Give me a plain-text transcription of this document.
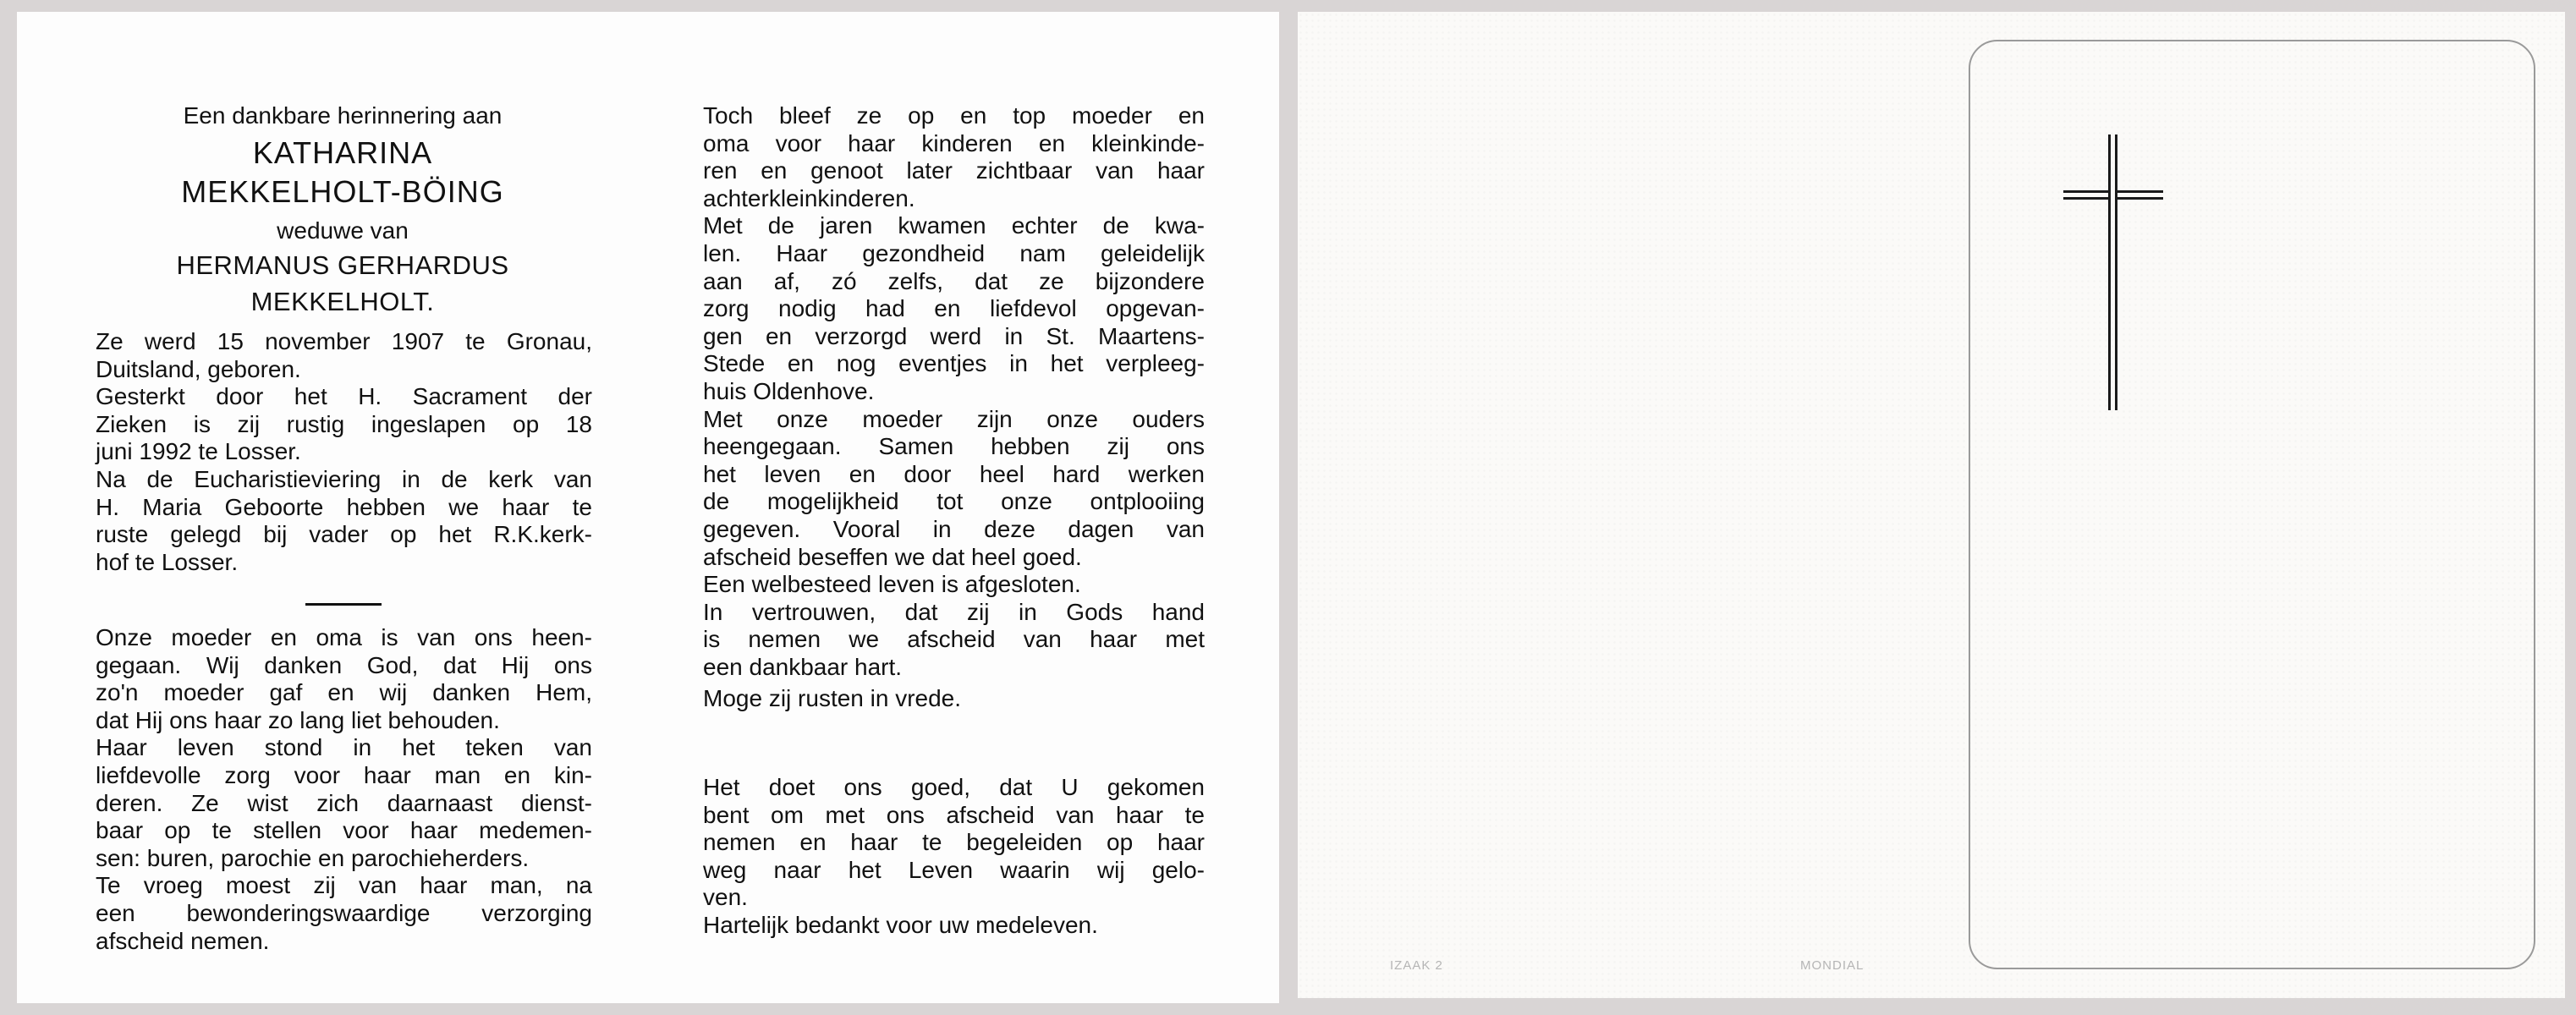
Een dankbare herinnering aan
KATHARINA
MEKKELHOLT-BÖING
weduwe van
HERMANUS GERHARDUS
MEKKELHOLT.
Ze werd 15 november 1907 te Gronau,
Duitsland, geboren.
Gesterkt door het H. Sacrament der
Zieken is zij rustig ingeslapen op 18
juni 1992 te Losser.
Na de Eucharistieviering in de kerk van
H. Maria Geboorte hebben we haar te
ruste gelegd bij vader op het R.K.kerk-
hof te Losser.
Onze moeder en oma is van ons heen-
gegaan. Wij danken God, dat Hij ons
zo'n moeder gaf en wij danken Hem,
dat Hij ons haar zo lang liet behouden.
Haar leven stond in het teken van
liefdevolle zorg voor haar man en kin-
deren. Ze wist zich daarnaast dienst-
baar op te stellen voor haar medemen-
sen: buren, parochie en parochieherders.
Te vroeg moest zij van haar man, na
een bewonderingswaardige verzorging
afscheid nemen.
Toch bleef ze op en top moeder en
oma voor haar kinderen en kleinkinde-
ren en genoot later zichtbaar van haar
achterkleinkinderen.
Met de jaren kwamen echter de kwa-
len. Haar gezondheid nam geleidelijk
aan af, zó zelfs, dat ze bijzondere
zorg nodig had en liefdevol opgevan-
gen en verzorgd werd in St. Maartens-
Stede en nog eventjes in het verpleeg-
huis Oldenhove.
Met onze moeder zijn onze ouders
heengegaan. Samen hebben zij ons
het leven en door heel hard werken
de mogelijkheid tot onze ontplooiing
gegeven. Vooral in deze dagen van
afscheid beseffen we dat heel goed.
Een welbesteed leven is afgesloten.
In vertrouwen, dat zij in Gods hand
is nemen we afscheid van haar met
een dankbaar hart.
Moge zij rusten in vrede.
Het doet ons goed, dat U gekomen
bent om met ons afscheid van haar te
nemen en haar te begeleiden op haar
weg naar het Leven waarin wij gelo-
ven.
Hartelijk bedankt voor uw medeleven.
IZAAK 2	MONDIAL
